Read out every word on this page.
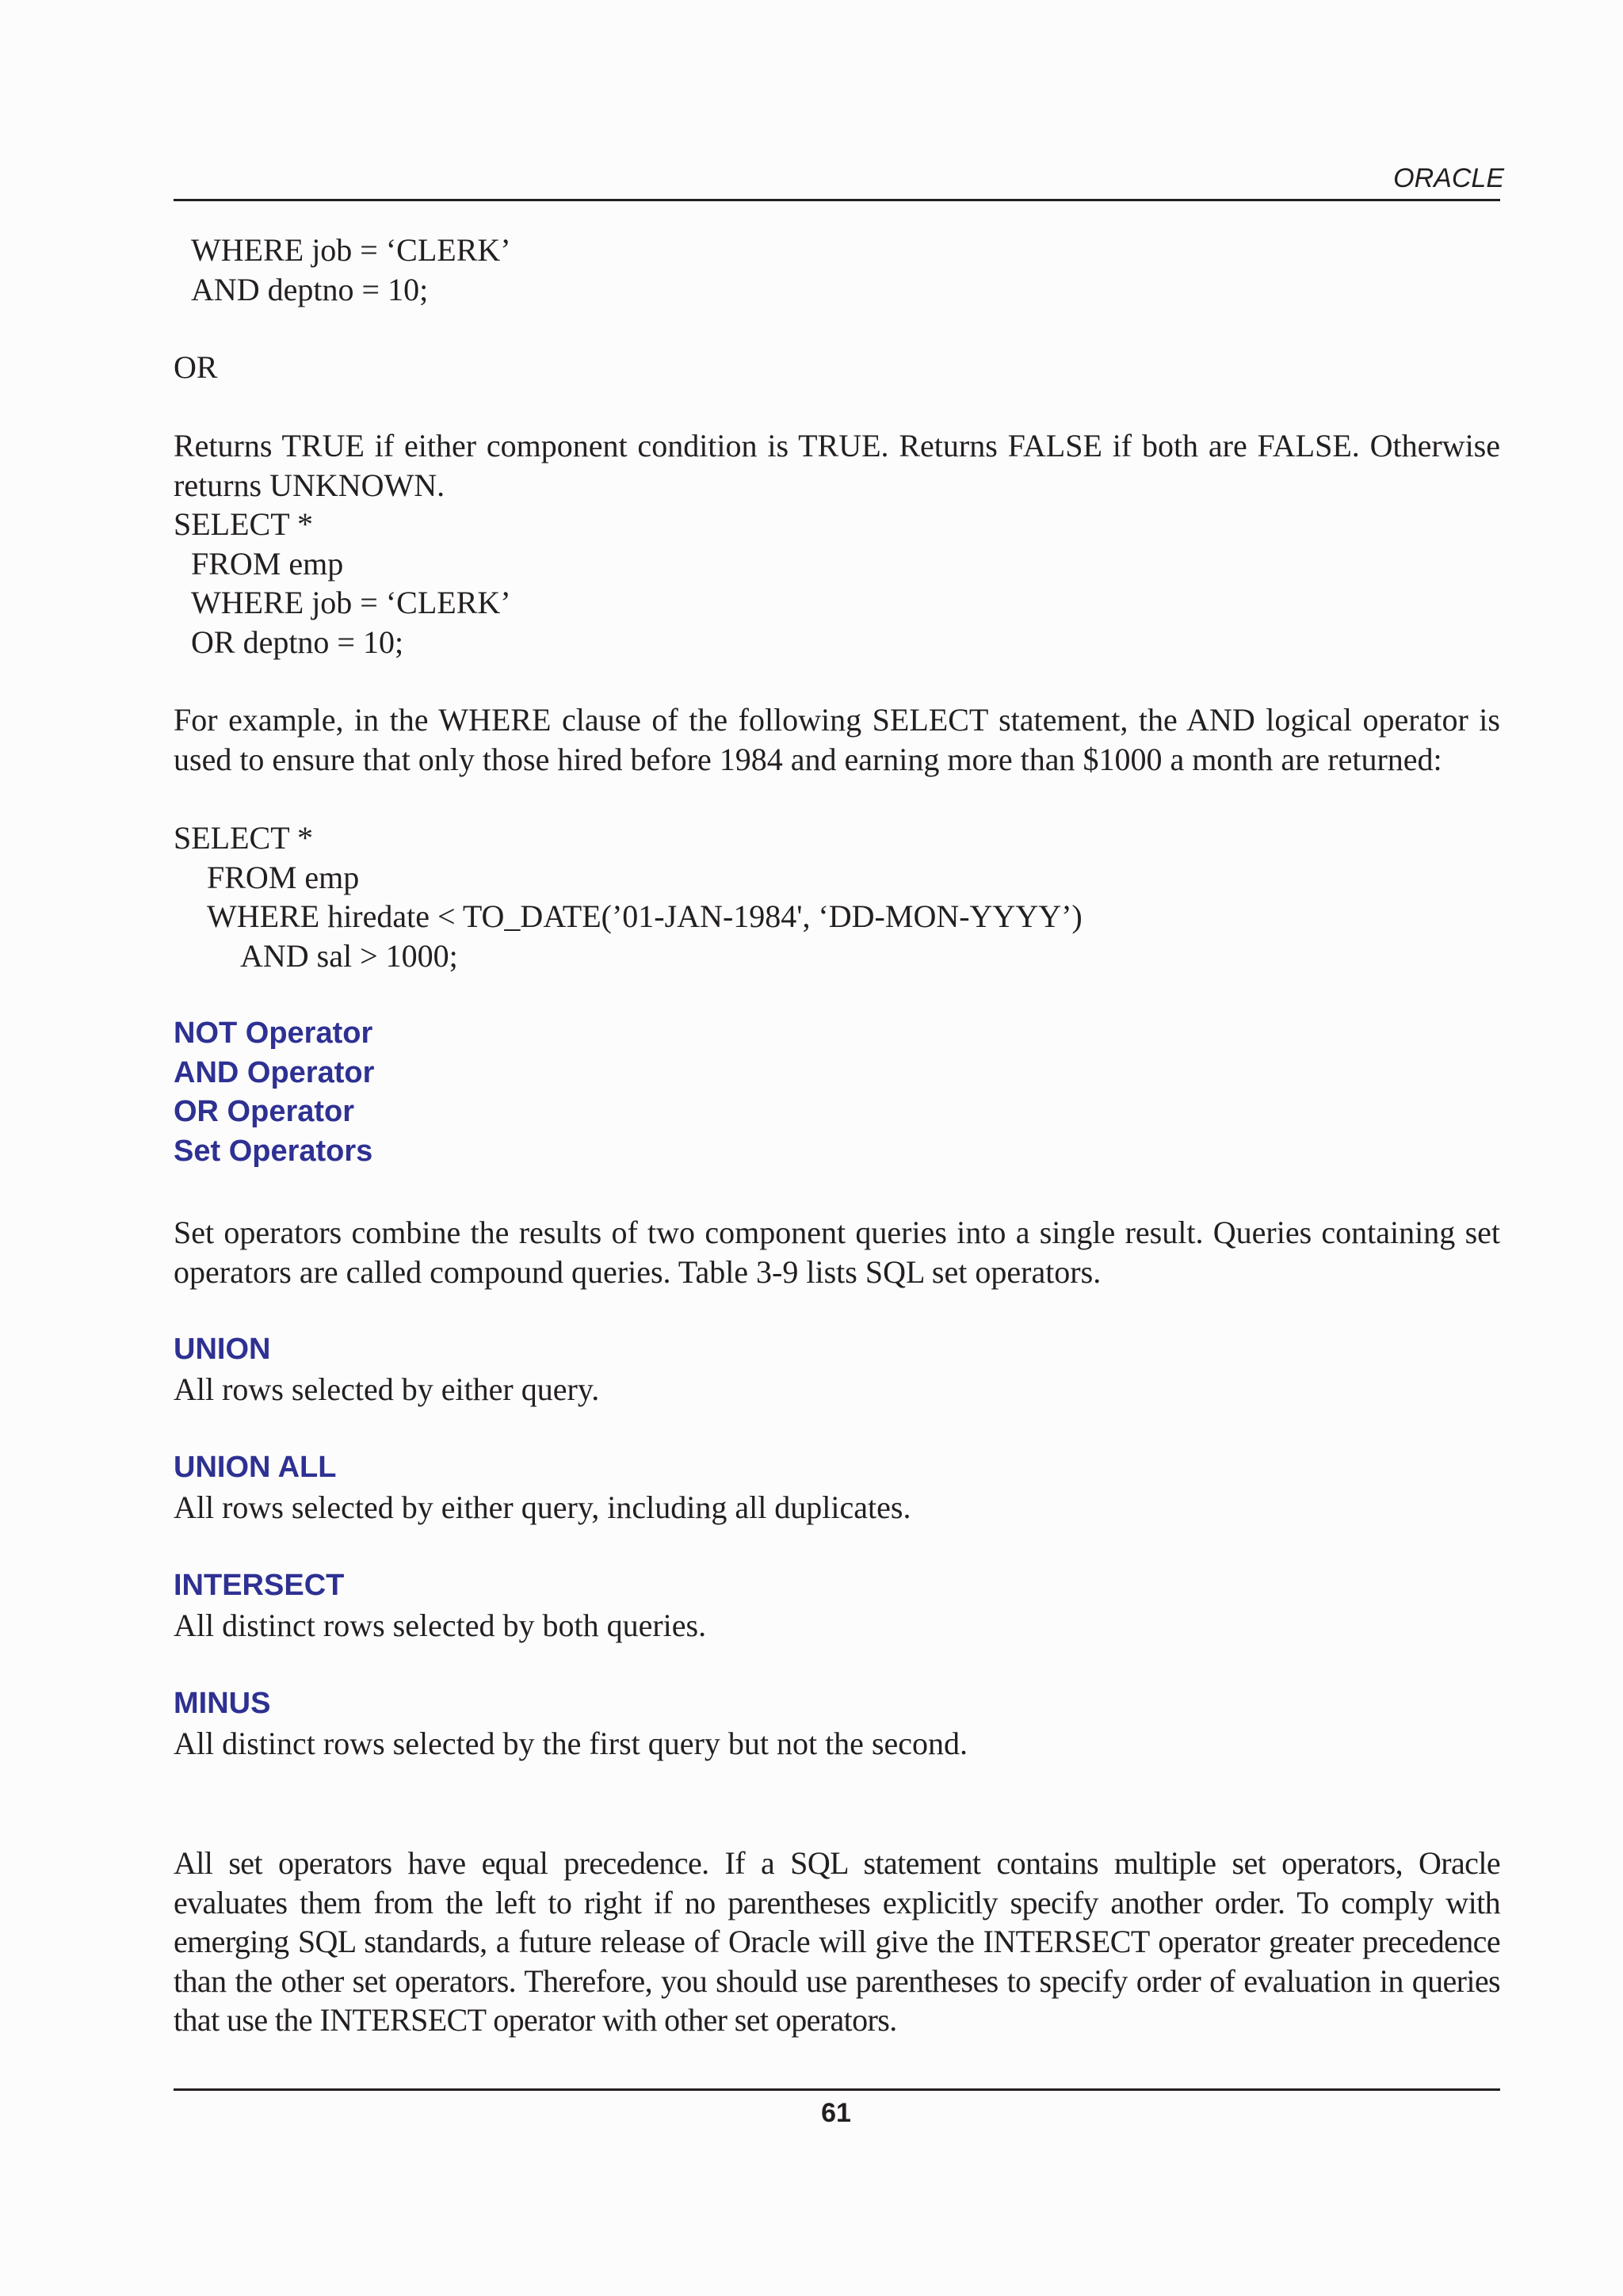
ORACLE
WHERE job = ‘CLERK’
AND deptno = 10;
OR
Returns TRUE if either component condition is TRUE. Returns FALSE if both are FALSE. Otherwise returns UNKNOWN.
SELECT *
FROM emp
WHERE job = ‘CLERK’
OR deptno = 10;
For example, in the WHERE clause of the following SELECT statement, the AND logical operator is used to ensure that only those hired before 1984 and earning more than $1000 a month are returned:
SELECT *
FROM emp
WHERE hiredate < TO_DATE(’01-JAN-1984', ‘DD-MON-YYYY’)
AND sal > 1000;
NOT Operator
AND Operator
OR Operator
Set Operators
Set operators combine the results of two component queries into a single result. Queries containing set operators are called compound queries. Table 3-9 lists SQL set operators.
UNION
All rows selected by either query.
UNION ALL
All rows selected by either query, including all duplicates.
INTERSECT
All distinct rows selected by both queries.
MINUS
All distinct rows selected by the first query but not the second.
All set operators have equal precedence. If a SQL statement contains multiple set operators, Oracle evaluates them from the left to right if no parentheses explicitly specify another order. To comply with emerging SQL standards, a future release of Oracle will give the INTERSECT operator greater precedence than the other set operators. Therefore, you should use parentheses to specify order of evaluation in queries that use the INTERSECT operator with other set operators.
61
